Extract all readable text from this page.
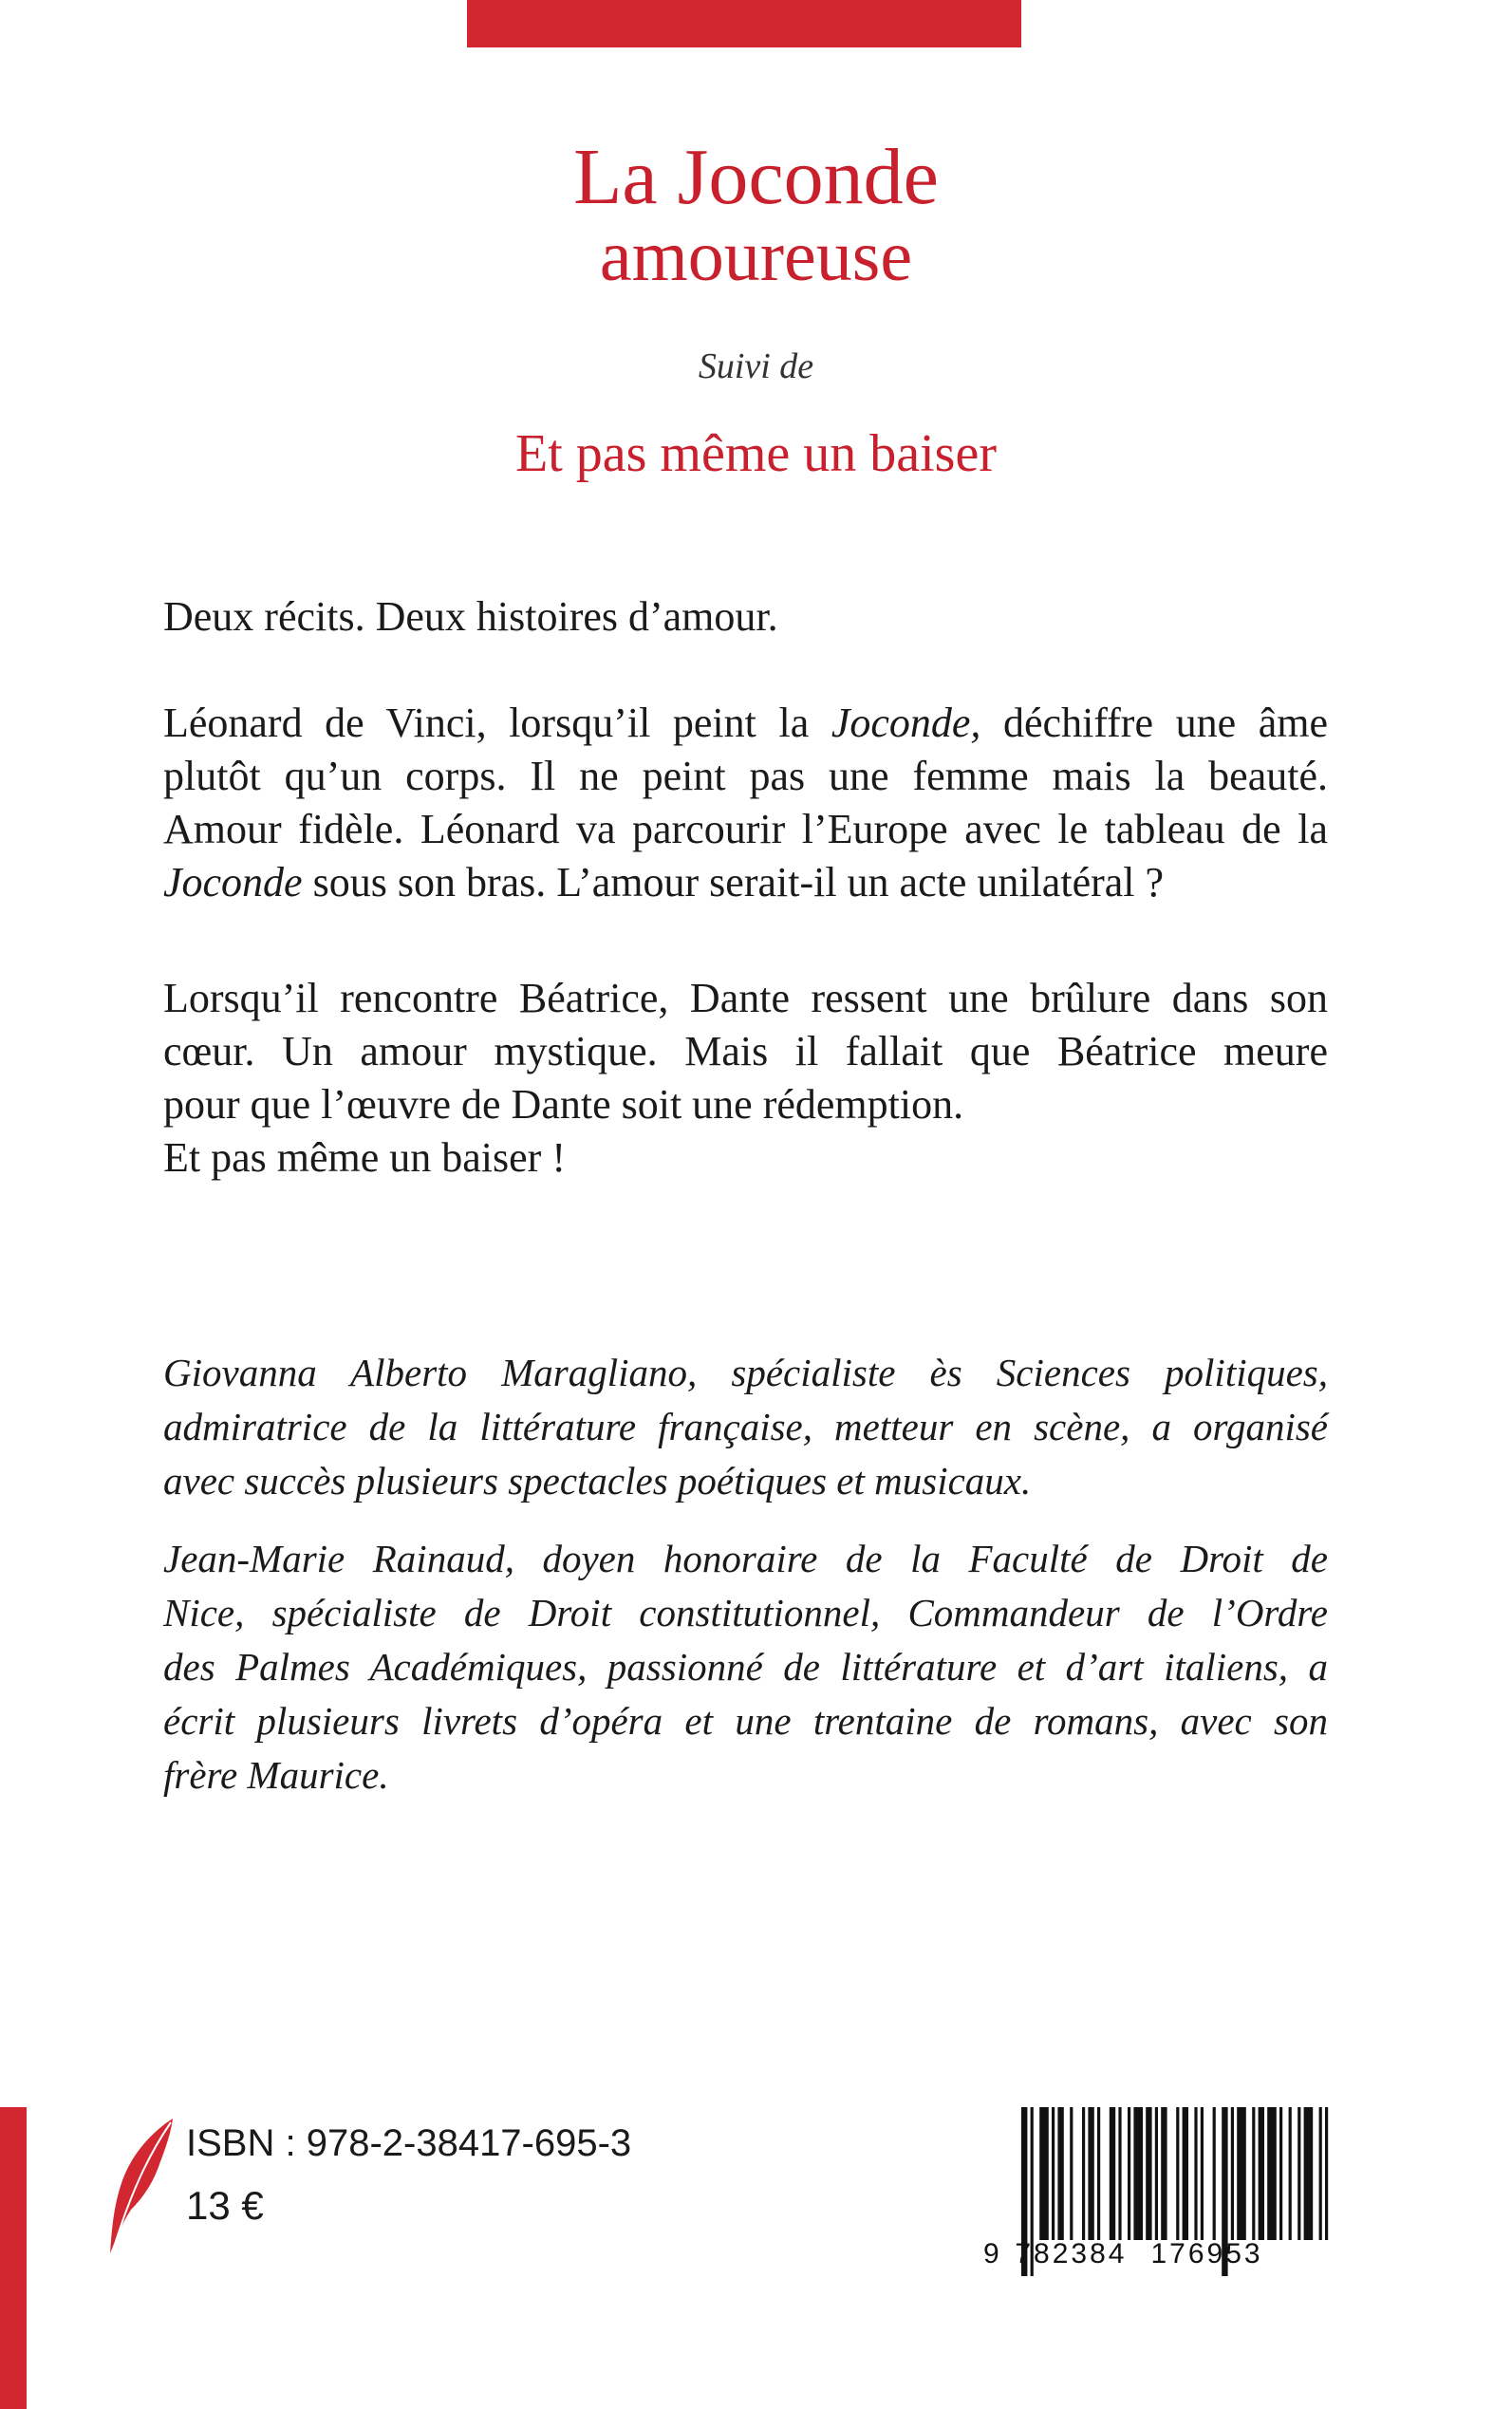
La Joconde
amoureuse
Suivi de
Et pas même un baiser

Deux récits. Deux histoires d’amour.

Léonard de Vinci, lorsqu’il peint la Joconde, déchiffre une âme
plutôt qu’un corps. Il ne peint pas une femme mais la beauté.
Amour fidèle. Léonard va parcourir l’Europe avec le tableau de la
Joconde sous son bras. L’amour serait-il un acte unilatéral ?

Lorsqu’il rencontre Béatrice, Dante ressent une brûlure dans son
cœur. Un amour mystique. Mais il fallait que Béatrice meure
pour que l’œuvre de Dante soit une rédemption.
Et pas même un baiser !

Giovanna Alberto Maragliano, spécialiste ès Sciences politiques,
admiratrice de la littérature française, metteur en scène, a organisé
avec succès plusieurs spectacles poétiques et musicaux.

Jean-Marie Rainaud, doyen honoraire de la Faculté de Droit de
Nice, spécialiste de Droit constitutionnel, Commandeur de l’Ordre
des Palmes Académiques, passionné de littérature et d’art italiens, a
écrit plusieurs livrets d’opéra et une trentaine de romans, avec son
frère Maurice.

ISBN : 978-2-38417-695-3
13 €
9 782384 176953
